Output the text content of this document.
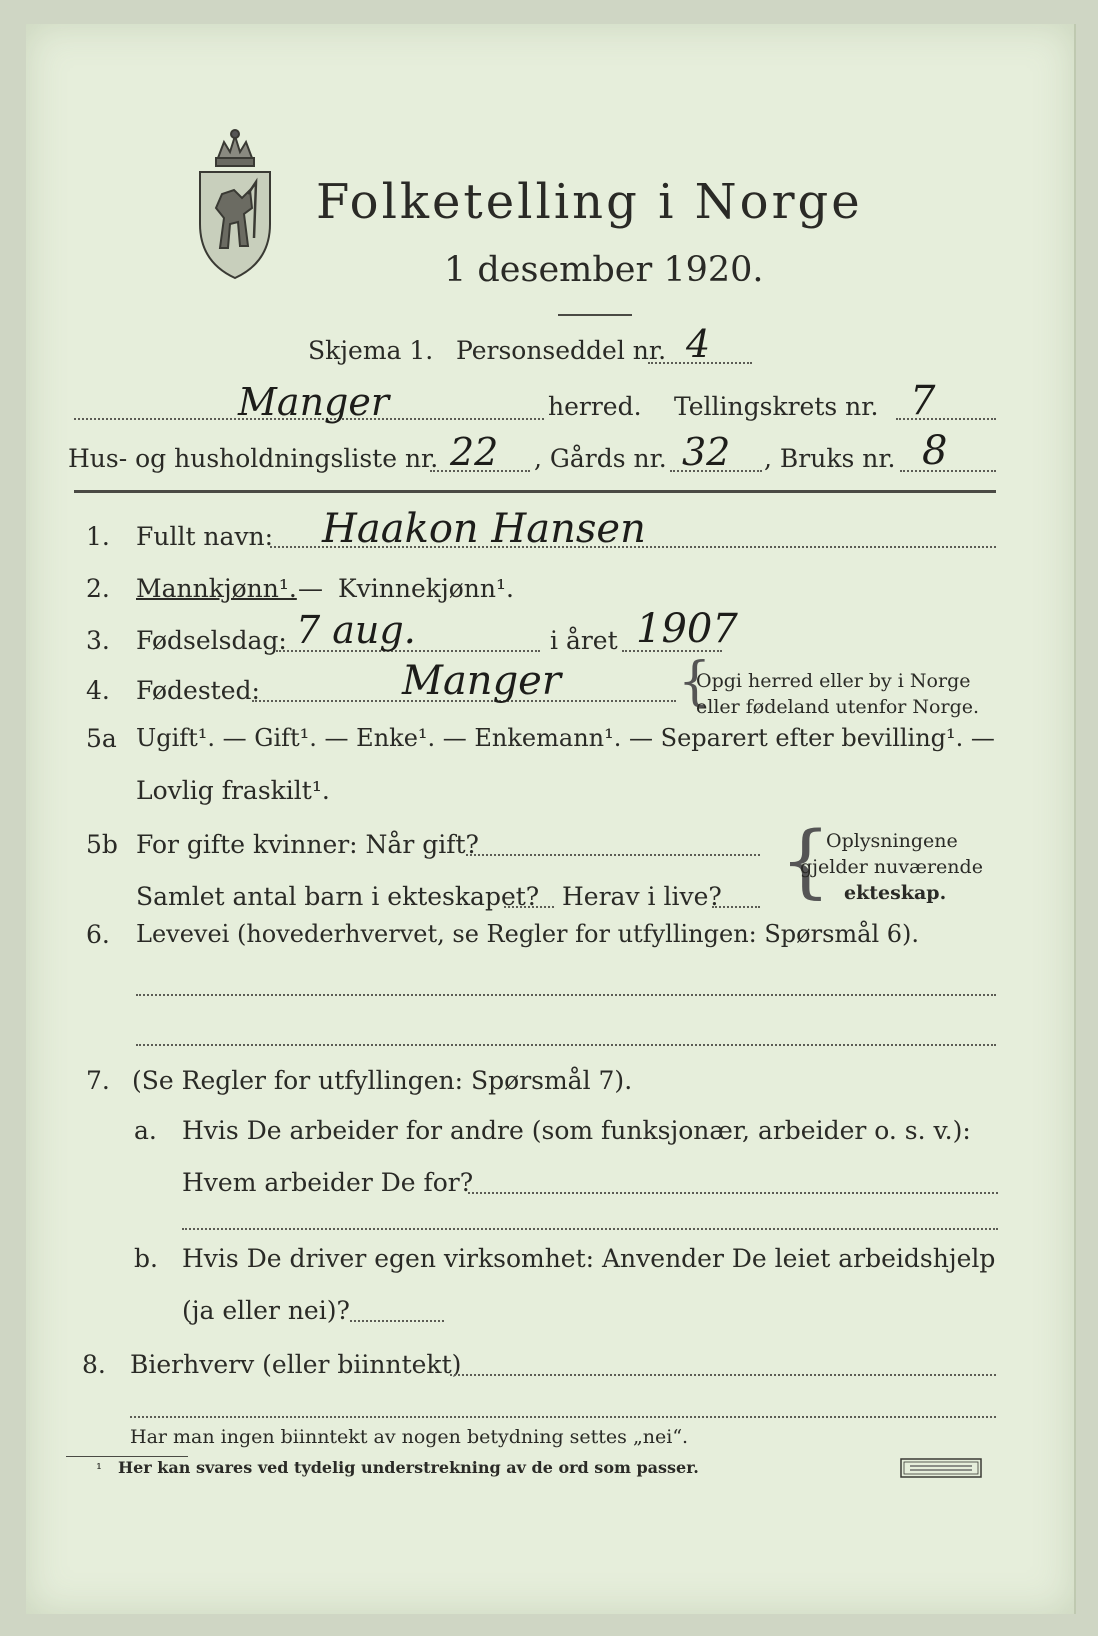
Folketelling i Norge
1 desember 1920.
Skjema 1. Personseddel nr. 4
Manger	herred. Tellingskrets nr. 7
Hus- og husholdningsliste nr. 22 , Gårds nr. 32 , Bruks nr. 8
1. Fullt navn: Haakon Hansen
2. Mannkjønn¹. — Kvinnekjønn¹.
3. Fødselsdag: 7 aug.	i året 1907
4. Fødested:	Manger {
Opgi herred eller by i Norge
eller fødeland utenfor Norge.
5a Ugift¹. — Gift¹. — Enke¹. — Enkemann¹. — Separert efter bevilling¹. —
Lovlig fraskilt¹.
5b For gifte kvinner: Når gift?
Samlet antal barn i ekteskapet? Herav i live? {
Oplysningene
gjelder nuværende
ekteskap.
6. Levevei (hovederhvervet, se Regler for utfyllingen: Spørsmål 6).
7. (Se Regler for utfyllingen: Spørsmål 7).
a. Hvis De arbeider for andre (som funksjonær, arbeider o. s. v.):
Hvem arbeider De for?
b. Hvis De driver egen virksomhet: Anvender De leiet arbeidshjelp
(ja eller nei)?
8. Bierhverv (eller biinntekt)
Har man ingen biinntekt av nogen betydning settes „nei“.
¹ Her kan svares ved tydelig understrekning av de ord som passer.
